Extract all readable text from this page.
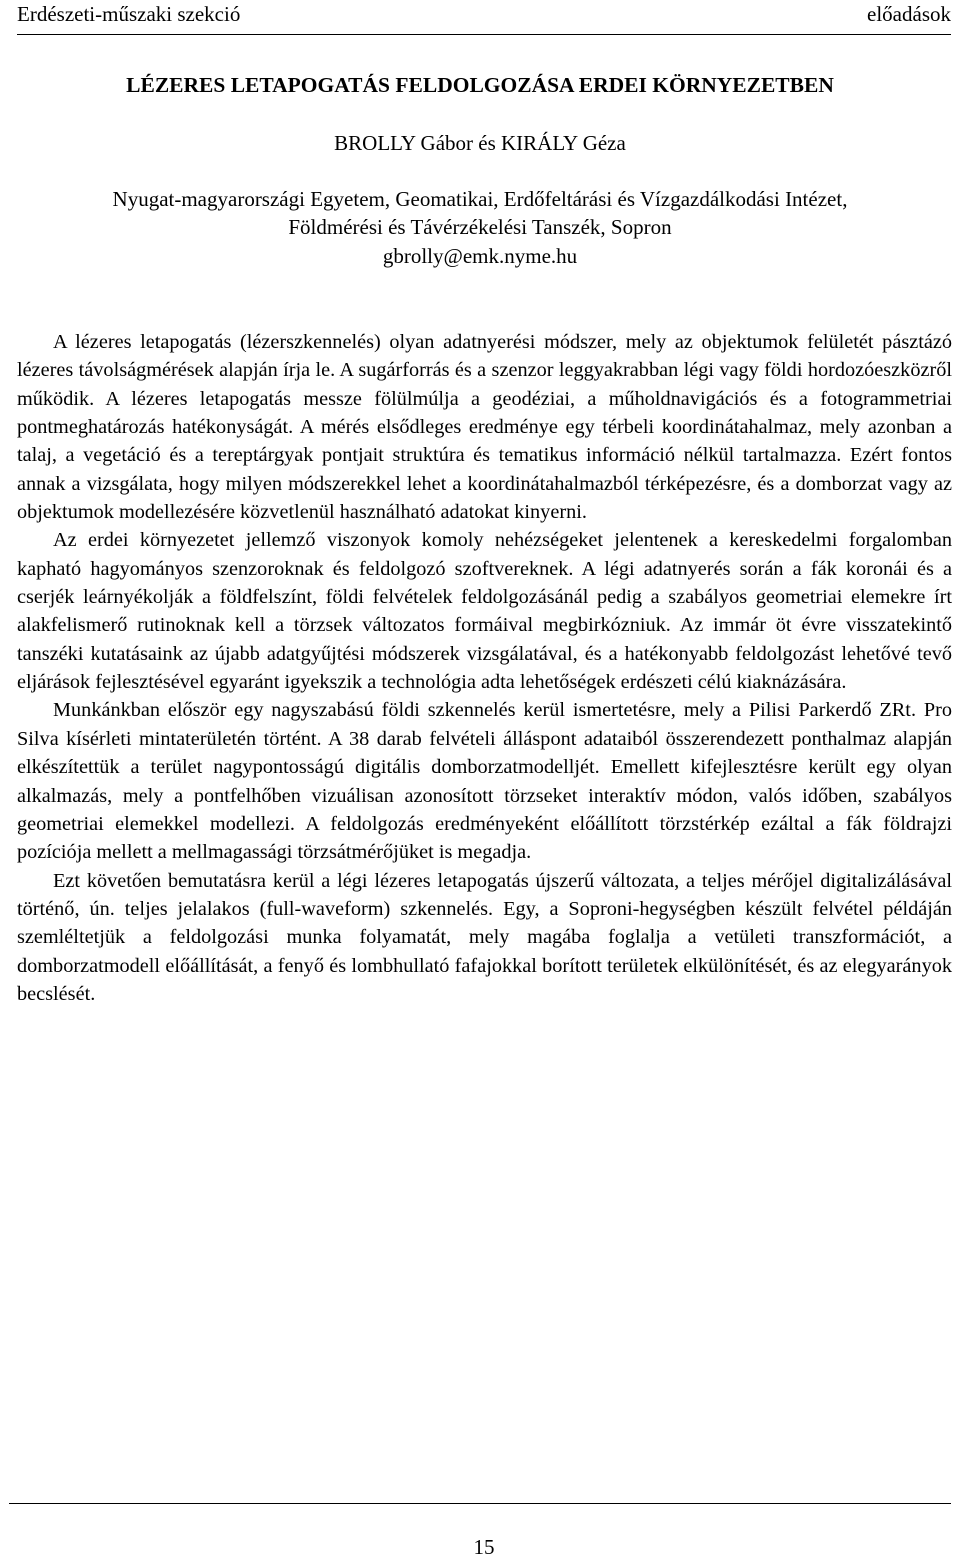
Erdészeti-műszaki szekció	előadások
LÉZERES LETAPOGATÁS FELDOLGOZÁSA ERDEI KÖRNYEZETBEN
BROLLY Gábor és KIRÁLY Géza
Nyugat-magyarországi Egyetem, Geomatikai, Erdőfeltárási és Vízgazdálkodási Intézet,
Földmérési és Távérzékelési Tanszék, Sopron
gbrolly@emk.nyme.hu

A lézeres letapogatás (lézerszkennelés) olyan adatnyerési módszer, mely az objektumok felületét pásztázó lézeres távolságmérések alapján írja le. A sugárforrás és a szenzor leggyakrabban légi vagy földi hordozóeszközről működik. A lézeres letapogatás messze fölülmúlja a geodéziai, a műholdnavigációs és a fotogrammetriai pontmeghatározás hatékonyságát. A mérés elsődleges eredménye egy térbeli koordinátahalmaz, mely azonban a talaj, a vegetáció és a tereptárgyak pontjait struktúra és tematikus információ nélkül tartalmazza. Ezért fontos annak a vizsgálata, hogy milyen módszerekkel lehet a koordinátahalmazból térképezésre, és a domborzat vagy az objektumok modellezésére közvetlenül használható adatokat kinyerni.

Az erdei környezetet jellemző viszonyok komoly nehézségeket jelentenek a kereskedelmi forgalomban kapható hagyományos szenzoroknak és feldolgozó szoftvereknek. A légi adatnyerés során a fák koronái és a cserjék leárnyékolják a földfelszínt, földi felvételek feldolgozásánál pedig a szabályos geometriai elemekre írt alakfelismerő rutinoknak kell a törzsek változatos formáival megbirkózniuk. Az immár öt évre visszatekintő tanszéki kutatásaink az újabb adatgyűjtési módszerek vizsgálatával, és a hatékonyabb feldolgozást lehetővé tevő eljárások fejlesztésével egyaránt igyekszik a technológia adta lehetőségek erdészeti célú kiaknázására.

Munkánkban először egy nagyszabású földi szkennelés kerül ismertetésre, mely a Pilisi Parkerdő ZRt. Pro Silva kísérleti mintaterületén történt. A 38 darab felvételi álláspont adataiból összerendezett ponthalmaz alapján elkészítettük a terület nagypontosságú digitális domborzatmodelljét. Emellett kifejlesztésre került egy olyan alkalmazás, mely a pontfelhőben vizuálisan azonosított törzseket interaktív módon, valós időben, szabályos geometriai elemekkel modellezi. A feldolgozás eredményeként előállított törzstérkép ezáltal a fák földrajzi pozíciója mellett a mellmagassági törzsátmérőjüket is megadja.

Ezt követően bemutatásra kerül a légi lézeres letapogatás újszerű változata, a teljes mérőjel digitalizálásával történő, ún. teljes jelalakos (full-waveform) szkennelés. Egy, a Soproni-hegységben készült felvétel példáján szemléltetjük a feldolgozási munka folyamatát, mely magába foglalja a vetületi transzformációt, a domborzatmodell előállítását, a fenyő és lombhullató fafajokkal borított területek elkülönítését, és az elegyarányok becslését.

15
